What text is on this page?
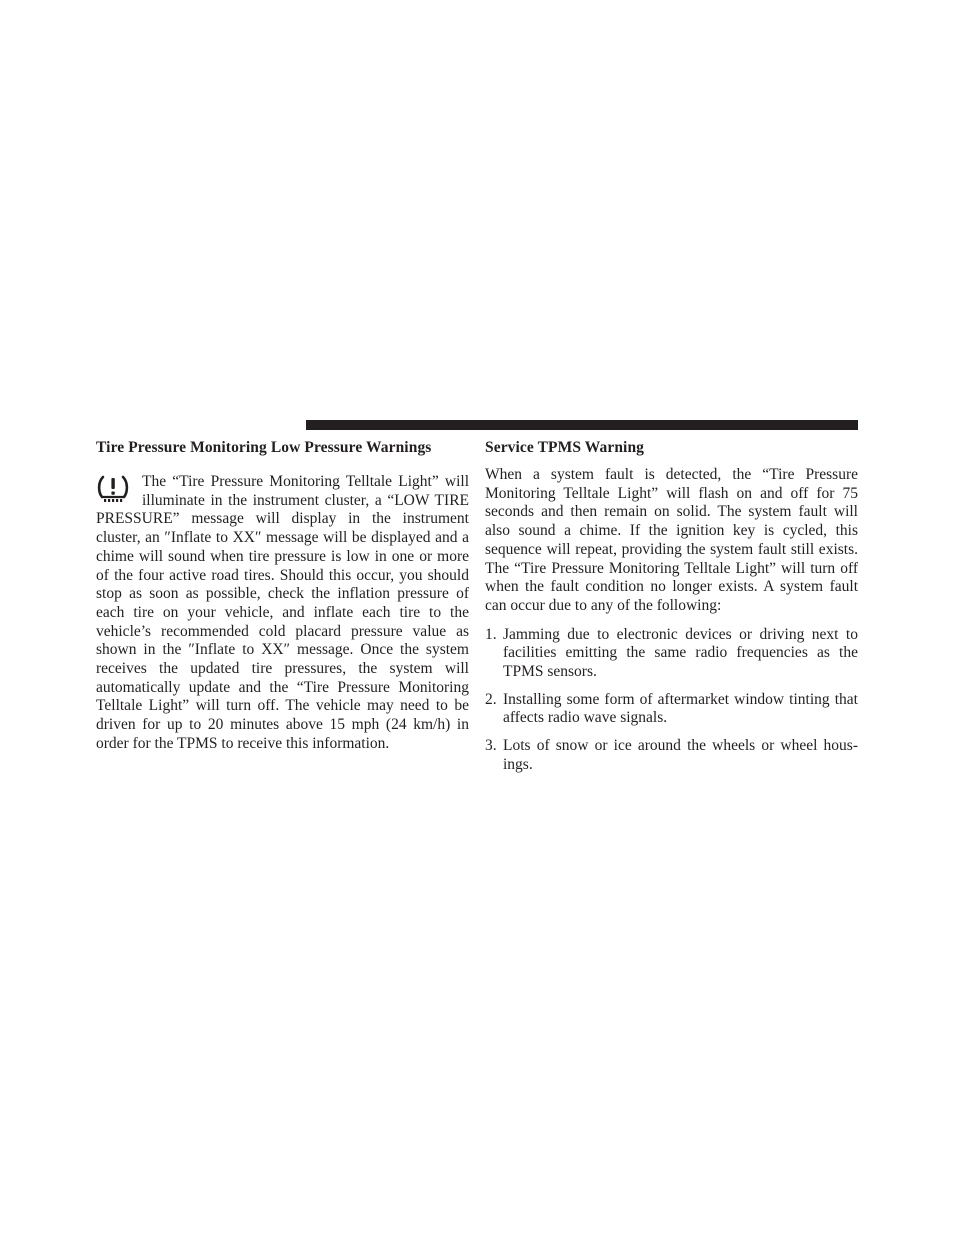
Tire Pressure Monitoring Low Pressure Warnings

The “Tire Pressure Monitoring Telltale Light” will illuminate in the instrument cluster, a “LOW TIRE PRESSURE” message will display in the instrument cluster, an ″Inflate to XX″ message will be displayed and a chime will sound when tire pressure is low in one or more of the four active road tires. Should this occur, you should stop as soon as possible, check the inflation pressure of each tire on your vehicle, and inflate each tire to the vehicle’s recommended cold placard pressure value as shown in the ″Inflate to XX″ message. Once the system receives the updated tire pressures, the system will automatically update and the “Tire Pressure Monitoring Telltale Light” will turn off. The vehicle may need to be driven for up to 20 minutes above 15 mph (24 km/h) in order for the TPMS to receive this information.

Service TPMS Warning

When a system fault is detected, the “Tire Pressure Monitoring Telltale Light” will flash on and off for 75 seconds and then remain on solid. The system fault will also sound a chime. If the ignition key is cycled, this sequence will repeat, providing the system fault still exists. The “Tire Pressure Monitoring Telltale Light” will turn off when the fault condition no longer exists. A system fault can occur due to any of the following:

1. Jamming due to electronic devices or driving next to facilities emitting the same radio frequencies as the TPMS sensors.
2. Installing some form of aftermarket window tinting that affects radio wave signals.
3. Lots of snow or ice around the wheels or wheel housings.
